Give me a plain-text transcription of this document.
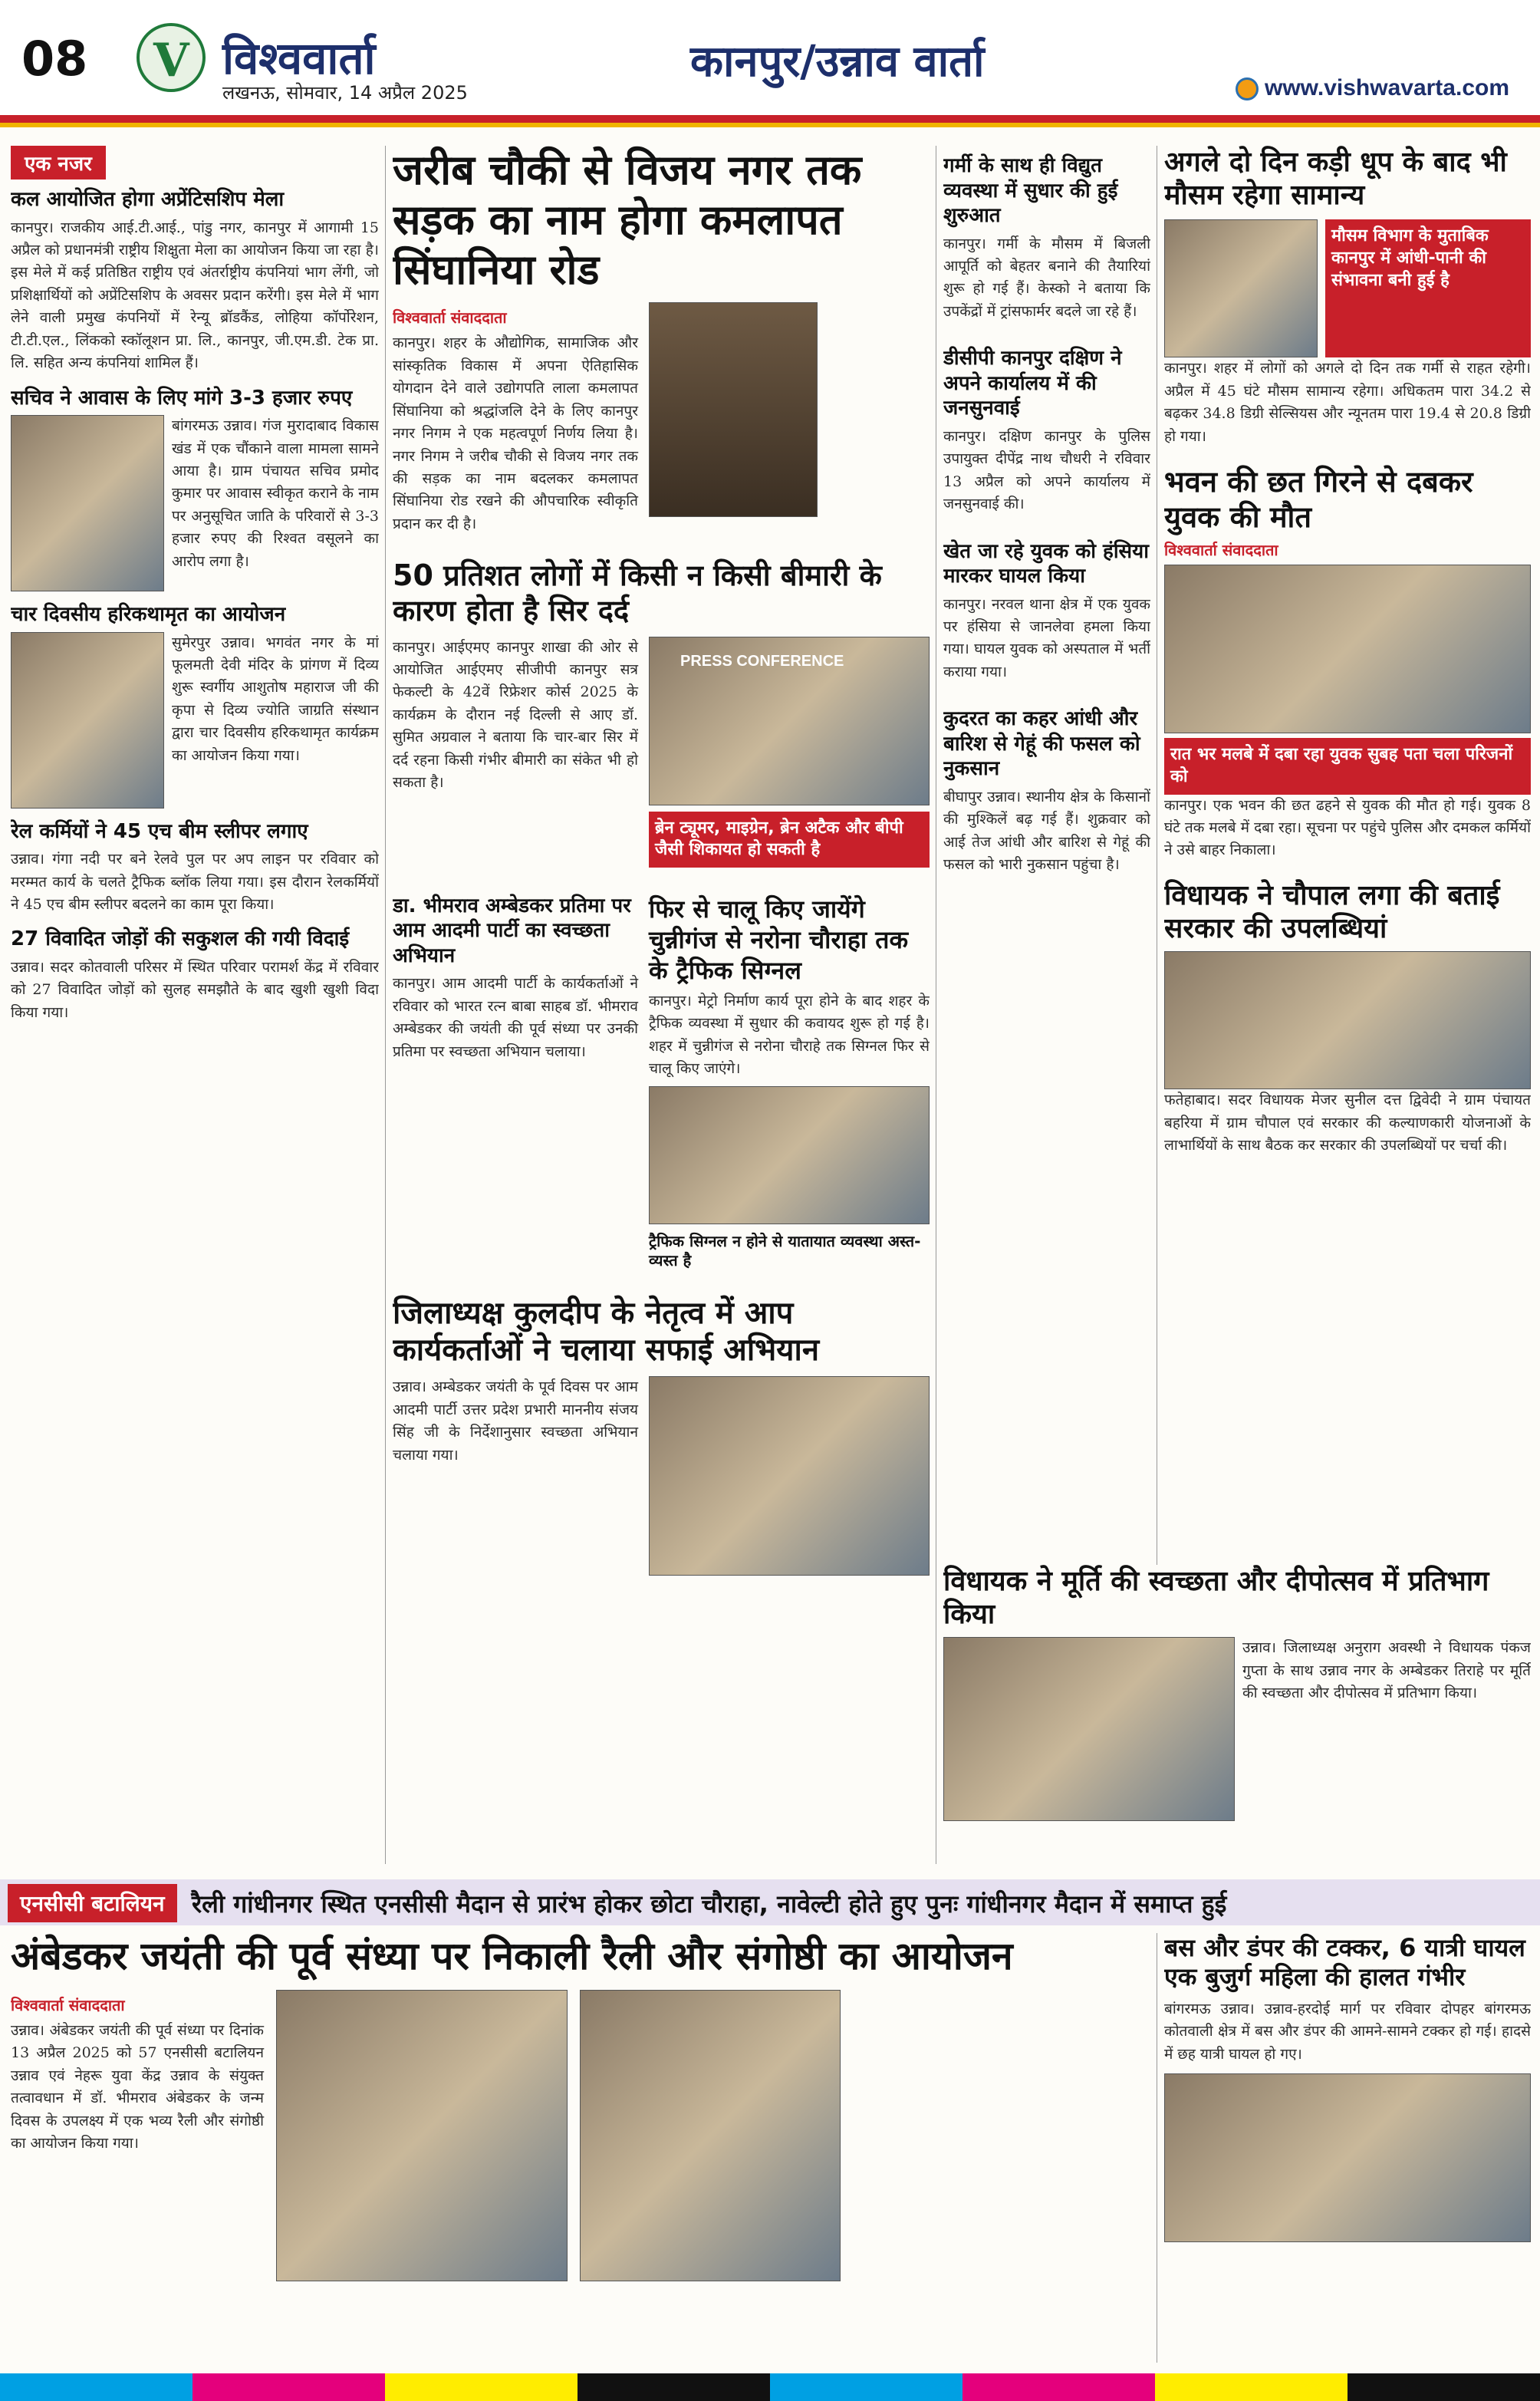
08 V विश्ववार्ता
लखनऊ, सोमवार, 14 अप्रैल 2025
कानपुर/उन्नाव वार्ता
www.vishwavarta.com
एक नजर
कल आयोजित होगा अप्रेंटिसशिप मेला
कानपुर। राजकीय आई.टी.आई., पांडु नगर, कानपुर में आगामी 15 अप्रैल को प्रधानमंत्री राष्ट्रीय शिक्षुता मेला का आयोजन किया जा रहा है। इस मेले में कई प्रतिष्ठित राष्ट्रीय एवं अंतर्राष्ट्रीय कंपनियां भाग लेंगी, जो प्रशिक्षार्थियों को अप्रेंटिसशिप के अवसर प्रदान करेंगी। इस मेले में भाग लेने वाली प्रमुख कंपनियों में रेन्यू ब्रॉडकैंड, लोहिया कॉर्पोरेशन, टी.टी.एल., लिंकको स्कॉलूशन प्रा. लि., कानपुर, जी.एम.डी. टेक प्रा. लि. सहित अन्य कंपनियां शामिल हैं।
सचिव ने आवास के लिए मांगे 3-3 हजार रुपए
बांगरमऊ उन्नाव। गंज मुरादाबाद विकास खंड में एक चौंकाने वाला मामला सामने आया है। ग्राम पंचायत सचिव प्रमोद कुमार पर आवास स्वीकृत कराने के नाम पर अनुसूचित जाति के परिवारों से 3-3 हजार रुपए की रिश्वत वसूलने का आरोप लगा है।
चार दिवसीय हरिकथामृत का आयोजन
सुमेरपुर उन्नाव। भगवंत नगर के मां फूलमती देवी मंदिर के प्रांगण में दिव्य शुरू स्वर्गीय आशुतोष महाराज जी की कृपा से दिव्य ज्योति जाग्रति संस्थान द्वारा चार दिवसीय हरिकथामृत कार्यक्रम का आयोजन किया गया।
रेल कर्मियों ने 45 एच बीम स्लीपर लगाए
उन्नाव। गंगा नदी पर बने रेलवे पुल पर अप लाइन पर रविवार को मरम्मत कार्य के चलते ट्रैफिक ब्लॉक लिया गया। इस दौरान रेलकर्मियों ने 45 एच बीम स्लीपर बदलने का काम पूरा किया।
27 विवादित जोड़ों की सकुशल की गयी विदाई
उन्नाव। सदर कोतवाली परिसर में स्थित परिवार परामर्श केंद्र में रविवार को 27 विवादित जोड़ों को सुलह समझौते के बाद खुशी खुशी विदा किया गया।
जरीब चौकी से विजय नगर तक सड़क का नाम होगा कमलापत सिंघानिया रोड
विश्ववार्ता संवाददाता
कानपुर। शहर के औद्योगिक, सामाजिक और सांस्कृतिक विकास में अपना ऐतिहासिक योगदान देने वाले उद्योगपति लाला कमलापत सिंघानिया को श्रद्धांजलि देने के लिए कानपुर नगर निगम ने एक महत्वपूर्ण निर्णय लिया है। नगर निगम ने जरीब चौकी से विजय नगर तक की सड़क का नाम बदलकर कमलापत सिंघानिया रोड रखने की औपचारिक स्वीकृति प्रदान कर दी है।
50 प्रतिशत लोगों में किसी न किसी बीमारी के कारण होता है सिर दर्द
कानपुर। आईएमए कानपुर शाखा की ओर से आयोजित आईएमए सीजीपी कानपुर सत्र फेकल्टी के 42वें रिफ्रेशर कोर्स 2025 के कार्यक्रम के दौरान नई दिल्ली से आए डॉ. सुमित अग्रवाल ने बताया कि चार-बार सिर में दर्द रहना किसी गंभीर बीमारी का संकेत भी हो सकता है।
PRESS CONFERENCE
ब्रेन ट्यूमर, माइग्रेन, ब्रेन अटैक और बीपी जैसी शिकायत हो सकती है
डा. भीमराव अम्बेडकर प्रतिमा पर आम आदमी पार्टी का स्वच्छता अभियान
कानपुर। आम आदमी पार्टी के कार्यकर्ताओं ने रविवार को भारत रत्न बाबा साहब डॉ. भीमराव अम्बेडकर की जयंती की पूर्व संध्या पर उनकी प्रतिमा पर स्वच्छता अभियान चलाया।
फिर से चालू किए जायेंगे चुन्नीगंज से नरोना चौराहा तक के ट्रैफिक सिग्नल
कानपुर। मेट्रो निर्माण कार्य पूरा होने के बाद शहर के ट्रैफिक व्यवस्था में सुधार की कवायद शुरू हो गई है। शहर में चुन्नीगंज से नरोना चौराहे तक सिग्नल फिर से चालू किए जाएंगे।
ट्रैफिक सिग्नल न होने से यातायात व्यवस्था अस्त-व्यस्त है
जिलाध्यक्ष कुलदीप के नेतृत्व में आप कार्यकर्ताओं ने चलाया सफाई अभियान
उन्नाव। अम्बेडकर जयंती के पूर्व दिवस पर आम आदमी पार्टी उत्तर प्रदेश प्रभारी माननीय संजय सिंह जी के निर्देशानुसार स्वच्छता अभियान चलाया गया।
गर्मी के साथ ही विद्युत व्यवस्था में सुधार की हुई शुरुआत
कानपुर। गर्मी के मौसम में बिजली आपूर्ति को बेहतर बनाने की तैयारियां शुरू हो गई हैं। केस्को ने बताया कि उपकेंद्रों में ट्रांसफार्मर बदले जा रहे हैं।
डीसीपी कानपुर दक्षिण ने अपने कार्यालय में की जनसुनवाई
कानपुर। दक्षिण कानपुर के पुलिस उपायुक्त दीपेंद्र नाथ चौधरी ने रविवार 13 अप्रैल को अपने कार्यालय में जनसुनवाई की।
खेत जा रहे युवक को हंसिया मारकर घायल किया
कानपुर। नरवल थाना क्षेत्र में एक युवक पर हंसिया से जानलेवा हमला किया गया। घायल युवक को अस्पताल में भर्ती कराया गया।
कुदरत का कहर आंधी और बारिश से गेहूं की फसल को नुकसान
बीघापुर उन्नाव। स्थानीय क्षेत्र के किसानों की मुश्किलें बढ़ गई हैं। शुक्रवार को आई तेज आंधी और बारिश से गेहूं की फसल को भारी नुकसान पहुंचा है।
अगले दो दिन कड़ी धूप के बाद भी मौसम रहेगा सामान्य
मौसम विभाग के मुताबिक कानपुर में आंधी-पानी की संभावना बनी हुई है
कानपुर। शहर में लोगों को अगले दो दिन तक गर्मी से राहत रहेगी। अप्रैल में 45 घंटे मौसम सामान्य रहेगा। अधिकतम पारा 34.2 से बढ़कर 34.8 डिग्री सेल्सियस और न्यूनतम पारा 19.4 से 20.8 डिग्री हो गया।
भवन की छत गिरने से दबकर युवक की मौत
विश्ववार्ता संवाददाता
रात भर मलबे में दबा रहा युवक सुबह पता चला परिजनों को
कानपुर। एक भवन की छत ढहने से युवक की मौत हो गई। युवक 8 घंटे तक मलबे में दबा रहा। सूचना पर पहुंचे पुलिस और दमकल कर्मियों ने उसे बाहर निकाला।
विधायक ने चौपाल लगा की बताई सरकार की उपलब्धियां
फतेहाबाद। सदर विधायक मेजर सुनील दत्त द्विवेदी ने ग्राम पंचायत बहरिया में ग्राम चौपाल एवं सरकार की कल्याणकारी योजनाओं के लाभार्थियों के साथ बैठक कर सरकार की उपलब्धियों पर चर्चा की।
विधायक ने मूर्ति की स्वच्छता और दीपोत्सव में प्रतिभाग किया
उन्नाव। जिलाध्यक्ष अनुराग अवस्थी ने विधायक पंकज गुप्ता के साथ उन्नाव नगर के अम्बेडकर तिराहे पर मूर्ति की स्वच्छता और दीपोत्सव में प्रतिभाग किया।
एनसीसी बटालियन	रैली गांधीनगर स्थित एनसीसी मैदान से प्रारंभ होकर छोटा चौराहा, नावेल्टी होते हुए पुनः गांधीनगर मैदान में समाप्त हुई
अंबेडकर जयंती की पूर्व संध्या पर निकाली रैली और संगोष्ठी का आयोजन
विश्ववार्ता संवाददाता
उन्नाव। अंबेडकर जयंती की पूर्व संध्या पर दिनांक 13 अप्रैल 2025 को 57 एनसीसी बटालियन उन्नाव एवं नेहरू युवा केंद्र उन्नाव के संयुक्त तत्वावधान में डॉ. भीमराव अंबेडकर के जन्म दिवस के उपलक्ष्य में एक भव्य रैली और संगोष्ठी का आयोजन किया गया।
बस और डंपर की टक्कर, 6 यात्री घायल एक बुजुर्ग महिला की हालत गंभीर
बांगरमऊ उन्नाव। उन्नाव-हरदोई मार्ग पर रविवार दोपहर बांगरमऊ कोतवाली क्षेत्र में बस और डंपर की आमने-सामने टक्कर हो गई। हादसे में छह यात्री घायल हो गए।
